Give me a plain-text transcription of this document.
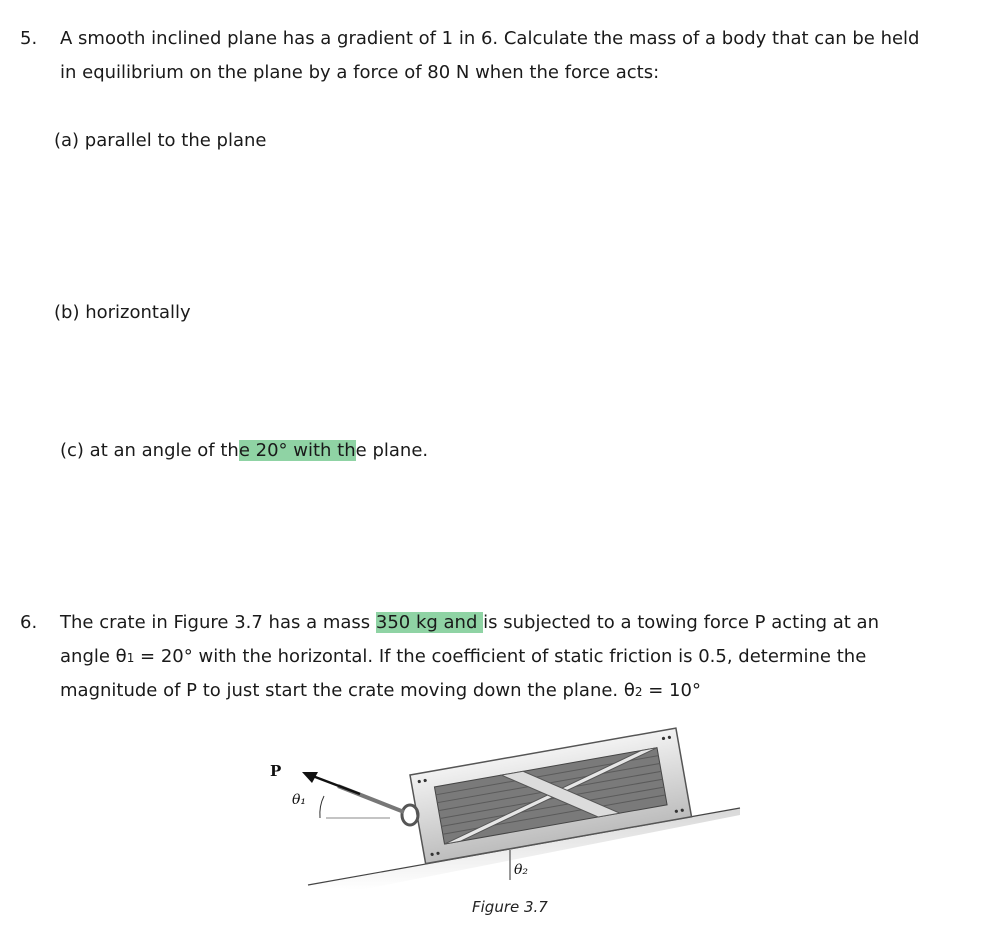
5. A smooth inclined plane has a gradient of 1 in 6. Calculate the mass of a body that can be held
in equilibrium on the plane by a force of 80 N when the force acts:
(a) parallel to the plane
(b) horizontally
(c) at an angle of the 20° with the plane.
6. The crate in Figure 3.7 has a mass 350 kg and is subjected to a towing force P acting at an
angle θ1 = 20° with the horizontal. If the coefficient of static friction is 0.5, determine the
magnitude of P to just start the crate moving down the plane. θ2 = 10°
P
θ₁
θ₂
Figure 3.7
